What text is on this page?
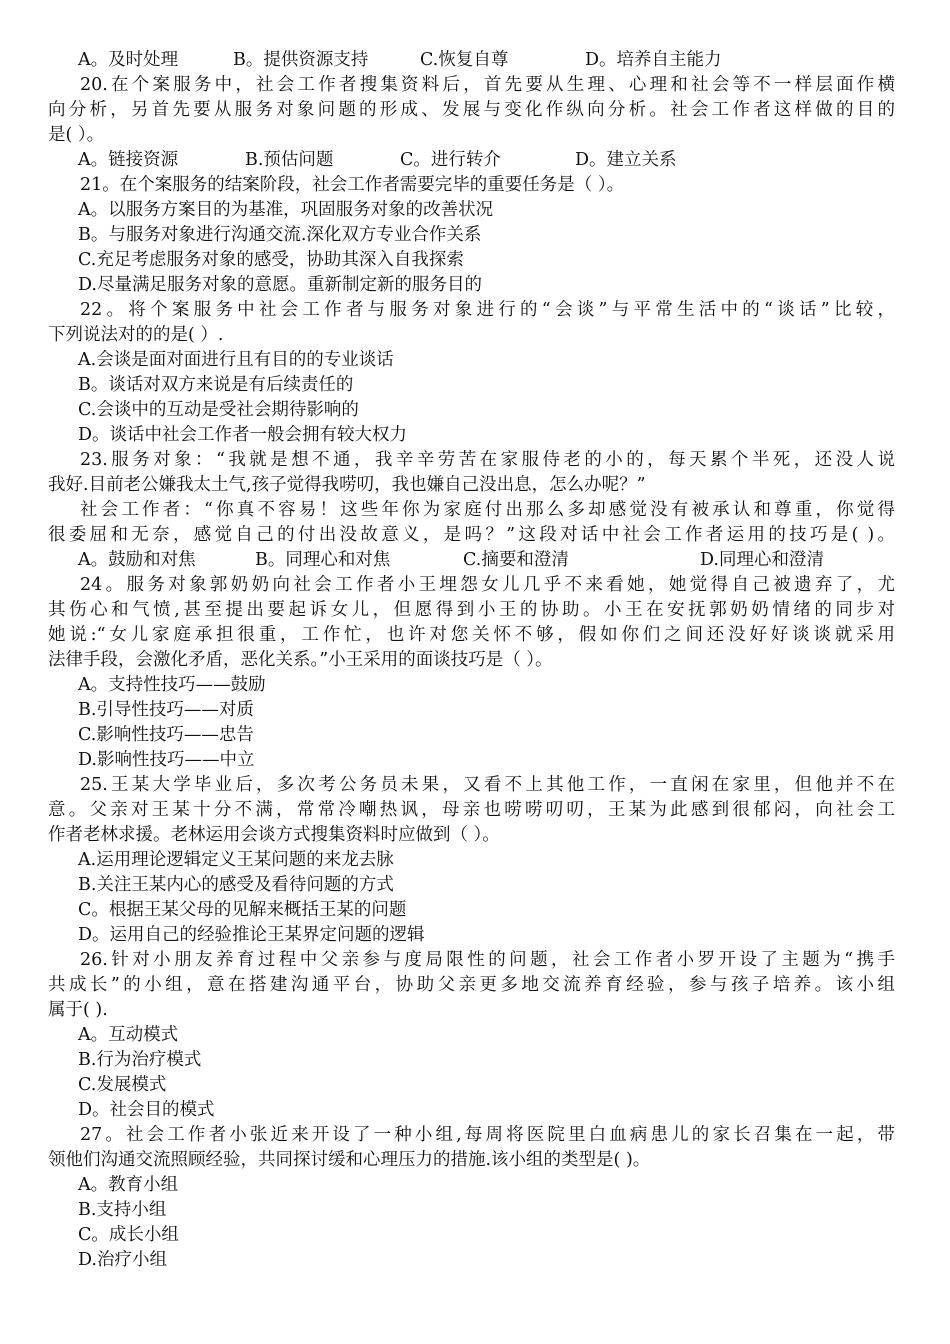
A。及时处理	B。提供资源支持	C.恢复自尊	D。培养自主能力
20.在个案服务中，社会工作者搜集资料后，首先要从生理、心理和社会等不一样层面作横
向分析，另首先要从服务对象问题的形成、发展与变化作纵向分析。社会工作者这样做的目的
是( ）。
A。链接资源	B.预估问题	C。进行转介	D。建立关系
21。在个案服务的结案阶段，社会工作者需要完毕的重要任务是（ ）。
A。以服务方案目的为基准，巩固服务对象的改善状况
B。与服务对象进行沟通交流.深化双方专业合作关系
C.充足考虑服务对象的感受，协助其深入自我探索
D.尽量满足服务对象的意愿。重新制定新的服务目的
22。将个案服务中社会工作者与服务对象进行的“会谈”与平常生活中的“谈话”比较，
下列说法对的的是( ）.
A.会谈是面对面进行且有目的的专业谈话
B。谈话对双方来说是有后续责任的
C.会谈中的互动是受社会期待影响的
D。谈话中社会工作者一般会拥有较大权力
23.服务对象：“我就是想不通，我辛辛劳苦在家服侍老的小的，每天累个半死，还没人说
我好.目前老公嫌我太土气,孩子觉得我唠叨，我也嫌自己没出息，怎么办呢？”
社会工作者：“你真不容易！这些年你为家庭付出那么多却感觉没有被承认和尊重，你觉得
很委屈和无奈，感觉自己的付出没故意义，是吗？”这段对话中社会工作者运用的技巧是( )。
A。鼓励和对焦	B。同理心和对焦	C.摘要和澄清	D.同理心和澄清
24。服务对象郭奶奶向社会工作者小王埋怨女儿几乎不来看她，她觉得自己被遗弃了，尤
其伤心和气愤,甚至提出要起诉女儿，但愿得到小王的协助。小王在安抚郭奶奶情绪的同步对
她说:“女儿家庭承担很重，工作忙，也许对您关怀不够，假如你们之间还没好好谈谈就采用
法律手段，会激化矛盾，恶化关系。”小王采用的面谈技巧是（ ）。
A。支持性技巧——鼓励
B.引导性技巧——对质
C.影响性技巧——忠告
D.影响性技巧——中立
25.王某大学毕业后，多次考公务员未果，又看不上其他工作，一直闲在家里，但他并不在
意。父亲对王某十分不满，常常冷嘲热讽，母亲也唠唠叨叨，王某为此感到很郁闷，向社会工
作者老林求援。老林运用会谈方式搜集资料时应做到（ ）。
A.运用理论逻辑定义王某问题的来龙去脉
B.关注王某内心的感受及看待问题的方式
C。根据王某父母的见解来概括王某的问题
D。运用自己的经验推论王某界定问题的逻辑
26.针对小朋友养育过程中父亲参与度局限性的问题，社会工作者小罗开设了主题为“携手
共成长”的小组，意在搭建沟通平台，协助父亲更多地交流养育经验，参与孩子培养。该小组
属于( ).
A。互动模式
B.行为治疗模式
C.发展模式
D。社会目的模式
27。社会工作者小张近来开设了一种小组,每周将医院里白血病患儿的家长召集在一起，带
领他们沟通交流照顾经验，共同探讨缓和心理压力的措施.该小组的类型是( )。
A。教育小组
B.支持小组
C。成长小组
D.治疗小组
